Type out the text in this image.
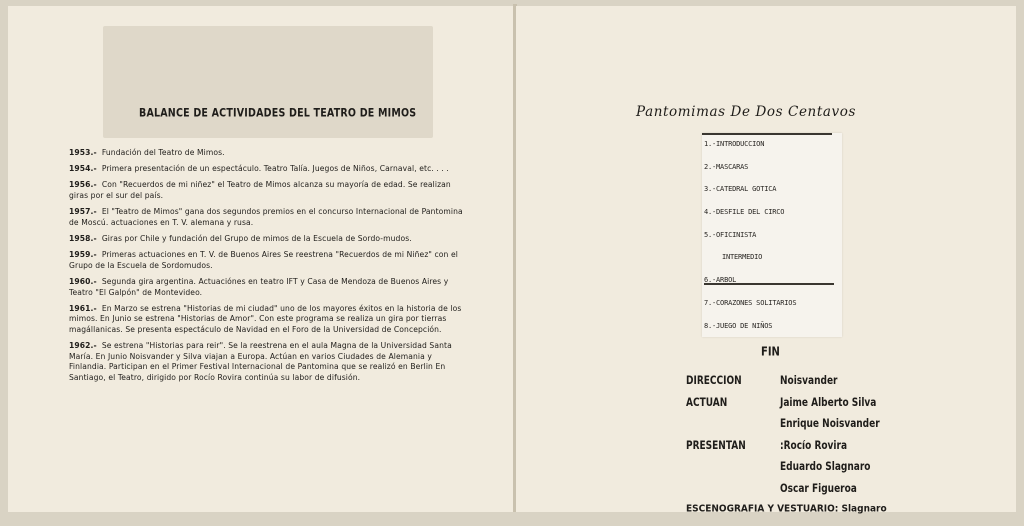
BALANCE DE ACTIVIDADES DEL TEATRO DE MIMOS
1953.- Fundación del Teatro de Mimos.
1954.- Primera presentación de un espectáculo. Teatro Talía. Juegos de Niños, Carnaval, etc. . . .
1956.- Con "Recuerdos de mi niñez" el Teatro de Mimos alcanza su mayoría de edad. Se realizan giras por el sur del país.
1957.- El "Teatro de Mimos" gana dos segundos premios en el concurso Internacional de Pantomina de Moscú. actuaciones en T. V. alemana y rusa.
1958.- Giras por Chile y fundación del Grupo de mimos de la Escuela de Sordo-mudos.
1959.- Primeras actuaciones en T. V. de Buenos Aires Se reestrena "Recuerdos de mi Niñez" con el Grupo de la Escuela de Sordomudos.
1960.- Segunda gira argentina. Actuaciónes en teatro IFT y Casa de Mendoza de Buenos Aires y Teatro "El Galpón" de Montevideo.
1961.- En Marzo se estrena "Historias de mi ciudad" uno de los mayores éxitos en la historia de los mimos. En Junio se estrena "Historias de Amor". Con este programa se realiza un gira por tierras magállanicas. Se presenta espectáculo de Navidad en el Foro de la Universidad de Concepción.
1962.- Se estrena "Historias para reir". Se la reestrena en el aula Magna de la Universidad Santa María. En Junio Noisvander y Silva viajan a Europa. Actúan en varios Ciudades de Alemania y Finlandia. Participan en el Primer Festival Internacional de Pantomina que se realizó en Berlin En Santiago, el Teatro, dirigido por Rocío Rovira continúa su labor de difusión.
Pantomimas De Dos Centavos
1.-INTRODUCCION
2.-MASCARAS
3.-CATEDRAL GOTICA
4.-DESFILE DEL CIRCO
5.-OFICINISTA
INTERMEDIO
6.-ARBOL
7.-CORAZONES SOLITARIOS
8.-JUEGO DE NIÑOS
FIN
DIRECCION	Noisvander
ACTUAN	Jaime Alberto Silva
Enrique Noisvander
PRESENTAN	:Rocío Rovira
Eduardo Slagnaro
Oscar Figueroa
ESCENOGRAFIA Y VESTUARIO: Slagnaro
